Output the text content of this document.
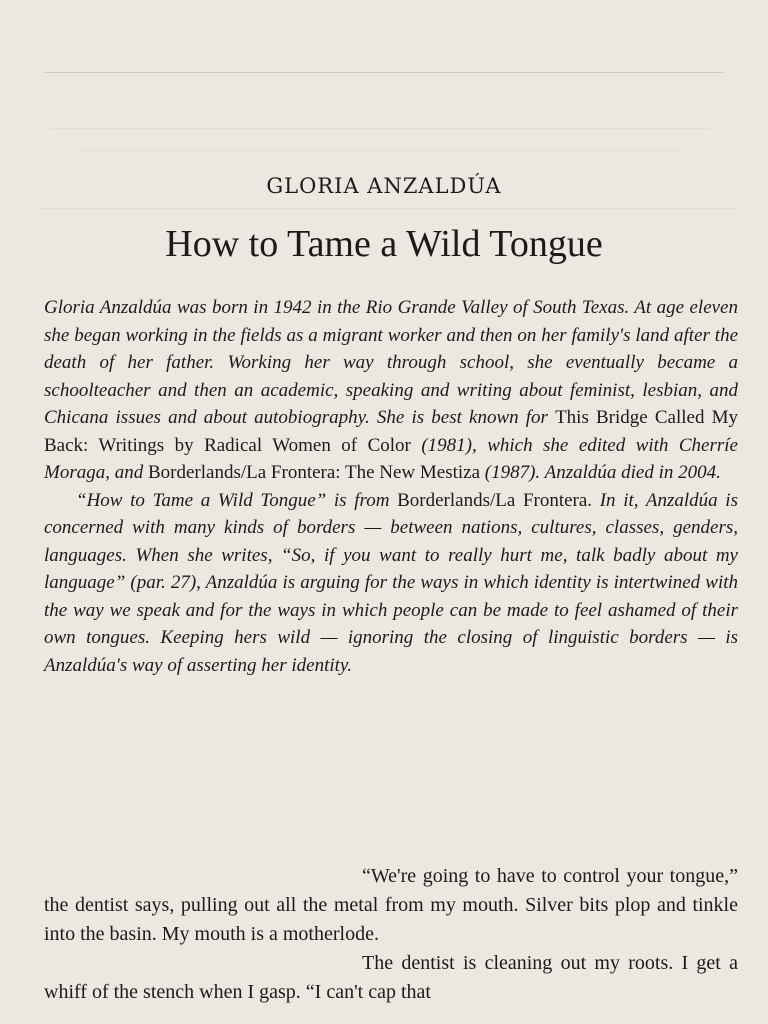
GLORIA ANZALDÚA
How to Tame a Wild Tongue

Gloria Anzaldúa was born in 1942 in the Rio Grande Valley of South Texas. At age eleven she began working in the fields as a migrant worker and then on her family's land after the death of her father. Working her way through school, she eventually became a schoolteacher and then an academic, speaking and writing about feminist, lesbian, and Chicana issues and about autobiography. She is best known for This Bridge Called My Back: Writings by Radical Women of Color (1981), which she edited with Cherríe Moraga, and Borderlands/La Frontera: The New Mestiza (1987). Anzaldúa died in 2004.

“How to Tame a Wild Tongue” is from Borderlands/La Frontera. In it, Anzaldúa is concerned with many kinds of borders — between nations, cultures, classes, genders, languages. When she writes, “So, if you want to really hurt me, talk badly about my language” (par. 27), Anzaldúa is arguing for the ways in which identity is intertwined with the way we speak and for the ways in which people can be made to feel ashamed of their own tongues. Keeping hers wild — ignoring the closing of linguistic borders — is Anzaldúa's way of asserting her identity.

“We're going to have to control your tongue,” the dentist says, pulling out all the metal from my mouth. Silver bits plop and tinkle into the basin. My mouth is a motherlode.

The dentist is cleaning out my roots. I get a whiff of the stench when I gasp. “I can't cap that
